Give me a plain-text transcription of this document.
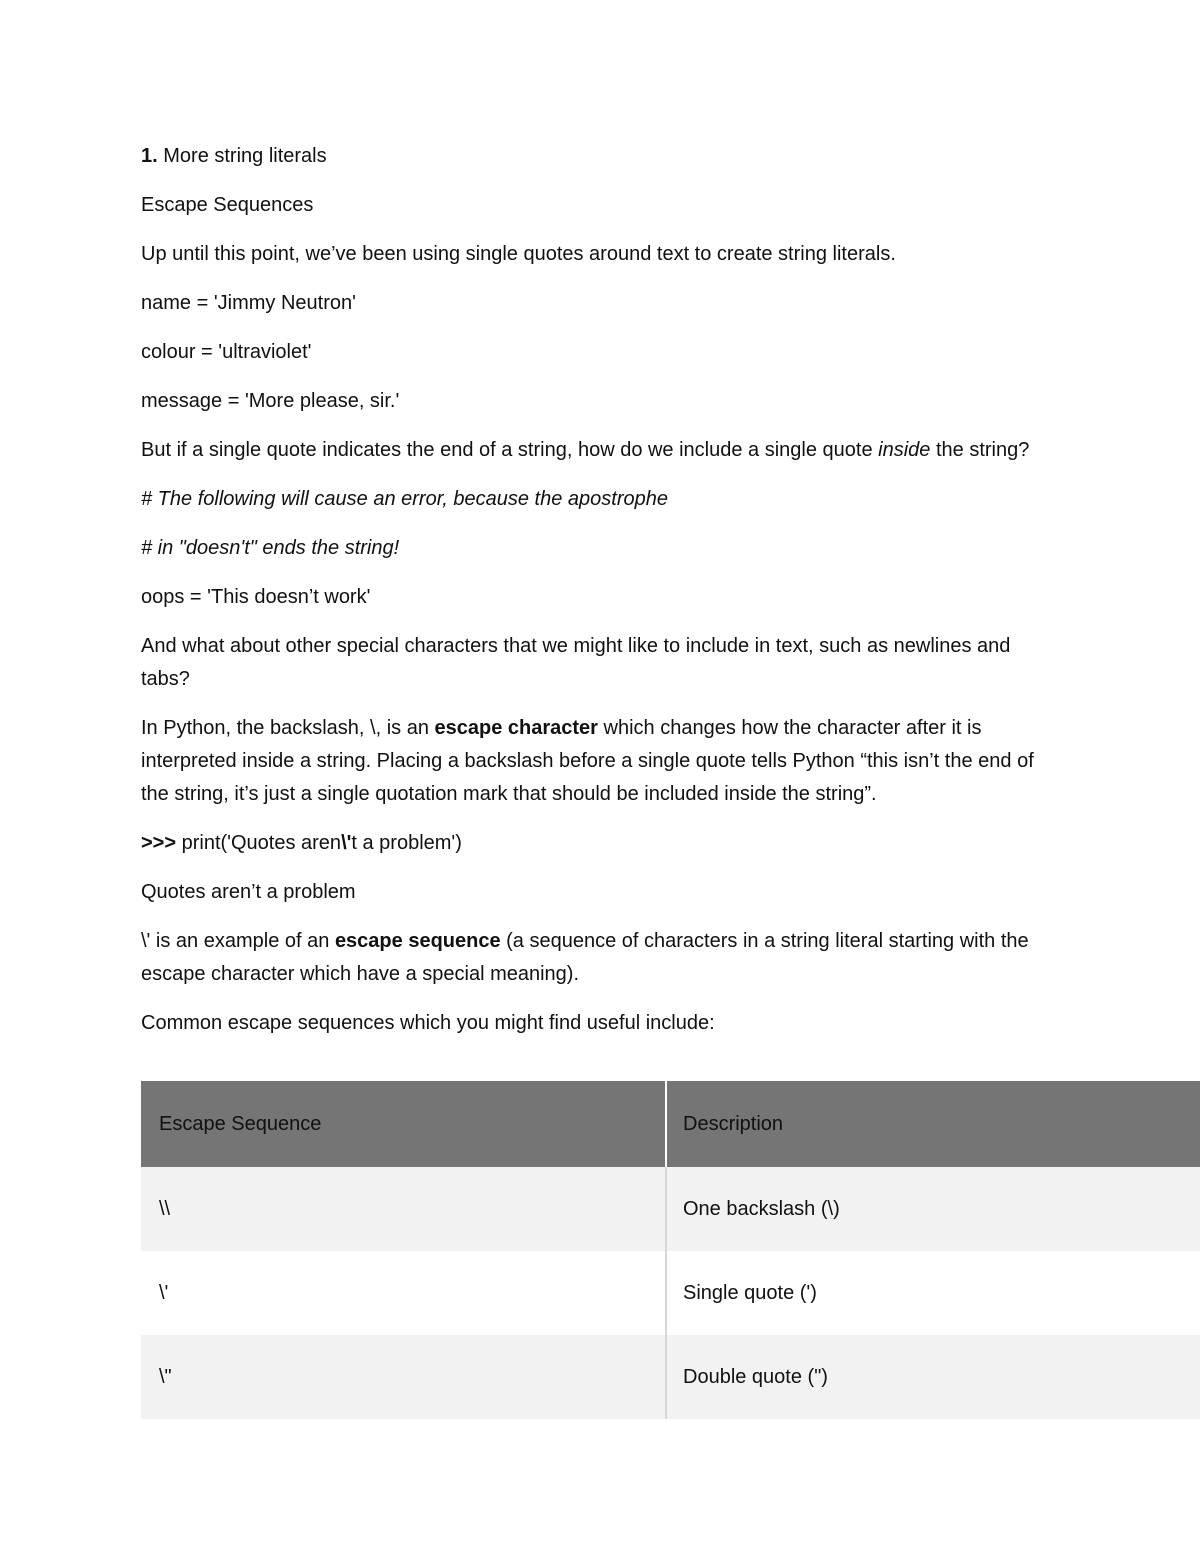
1. More string literals

Escape Sequences

Up until this point, we’ve been using single quotes around text to create string literals.

name = 'Jimmy Neutron'

colour = 'ultraviolet'

message = 'More please, sir.'

But if a single quote indicates the end of a string, how do we include a single quote inside the string?

# The following will cause an error, because the apostrophe

# in "doesn't" ends the string!

oops = 'This doesn’t work'

And what about other special characters that we might like to include in text, such as newlines and tabs?

In Python, the backslash, \, is an escape character which changes how the character after it is interpreted inside a string. Placing a backslash before a single quote tells Python “this isn’t the end of the string, it’s just a single quotation mark that should be included inside the string”.

>>> print('Quotes aren\'t a problem')

Quotes aren’t a problem

\' is an example of an escape sequence (a sequence of characters in a string literal starting with the escape character which have a special meaning).

Common escape sequences which you might find useful include:

Escape Sequence	Description
\\	One backslash (\)
\'	Single quote (')
\"	Double quote (")
